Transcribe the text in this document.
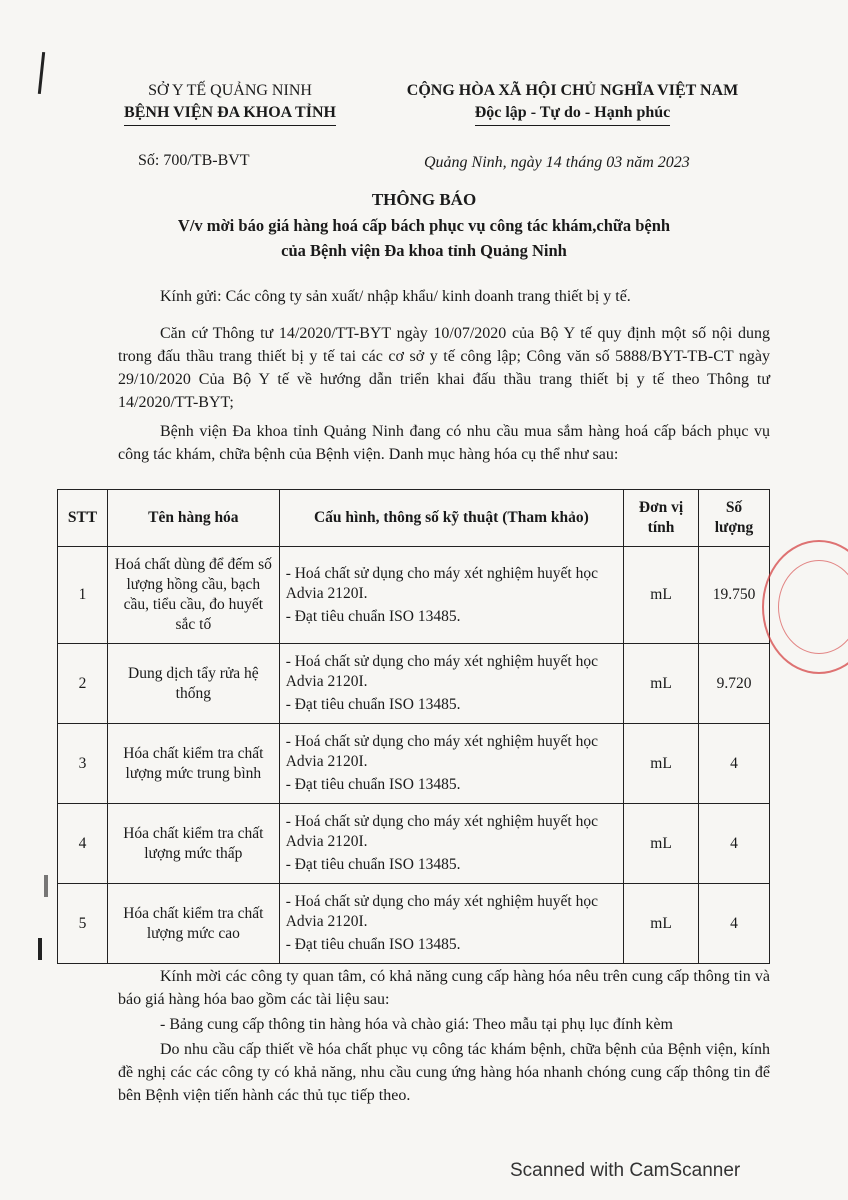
SỞ Y TẾ QUẢNG NINH
BỆNH VIỆN ĐA KHOA TỈNH
CỘNG HÒA XÃ HỘI CHỦ NGHĨA VIỆT NAM
Độc lập - Tự do - Hạnh phúc
Số: 700/TB-BVT	Quảng Ninh, ngày 14 tháng 03 năm 2023
THÔNG BÁO
V/v mời báo giá hàng hoá cấp bách phục vụ công tác khám,chữa bệnh
của Bệnh viện Đa khoa tỉnh Quảng Ninh
Kính gửi: Các công ty sản xuất/ nhập khẩu/ kinh doanh trang thiết bị y tế.
Căn cứ Thông tư 14/2020/TT-BYT ngày 10/07/2020 của Bộ Y tế quy định một số nội dung trong đấu thầu trang thiết bị y tế tai các cơ sở y tế công lập; Công văn số 5888/BYT-TB-CT ngày 29/10/2020 Của Bộ Y tế về hướng dẫn triển khai đấu thầu trang thiết bị y tế theo Thông tư 14/2020/TT-BYT;
Bệnh viện Đa khoa tỉnh Quảng Ninh đang có nhu cầu mua sắm hàng hoá cấp bách phục vụ công tác khám, chữa bệnh của Bệnh viện. Danh mục hàng hóa cụ thể như sau:
STT	Tên hàng hóa	Cấu hình, thông số kỹ thuật (Tham khảo)	Đơn vị tính	Số lượng
1	Hoá chất dùng để đếm số lượng hồng cầu, bạch cầu, tiểu cầu, đo huyết sắc tố	- Hoá chất sử dụng cho máy xét nghiệm huyết học Advia 2120I.
- Đạt tiêu chuẩn ISO 13485.	mL	19.750
2	Dung dịch tẩy rửa hệ thống	- Hoá chất sử dụng cho máy xét nghiệm huyết học Advia 2120I.
- Đạt tiêu chuẩn ISO 13485.	mL	9.720
3	Hóa chất kiểm tra chất lượng mức trung bình	- Hoá chất sử dụng cho máy xét nghiệm huyết học Advia 2120I.
- Đạt tiêu chuẩn ISO 13485.	mL	4
4	Hóa chất kiểm tra chất lượng mức thấp	- Hoá chất sử dụng cho máy xét nghiệm huyết học Advia 2120I.
- Đạt tiêu chuẩn ISO 13485.	mL	4
5	Hóa chất kiểm tra chất lượng mức cao	- Hoá chất sử dụng cho máy xét nghiệm huyết học Advia 2120I.
- Đạt tiêu chuẩn ISO 13485.	mL	4
Kính mời các công ty quan tâm, có khả năng cung cấp hàng hóa nêu trên cung cấp thông tin và báo giá hàng hóa bao gồm các tài liệu sau:
- Bảng cung cấp thông tin hàng hóa và chào giá: Theo mẫu tại phụ lục đính kèm
Do nhu cầu cấp thiết về hóa chất phục vụ công tác khám bệnh, chữa bệnh của Bệnh viện, kính đề nghị các các công ty có khả năng, nhu cầu cung ứng hàng hóa nhanh chóng cung cấp thông tin để bên Bệnh viện tiến hành các thủ tục tiếp theo.
Scanned with CamScanner
